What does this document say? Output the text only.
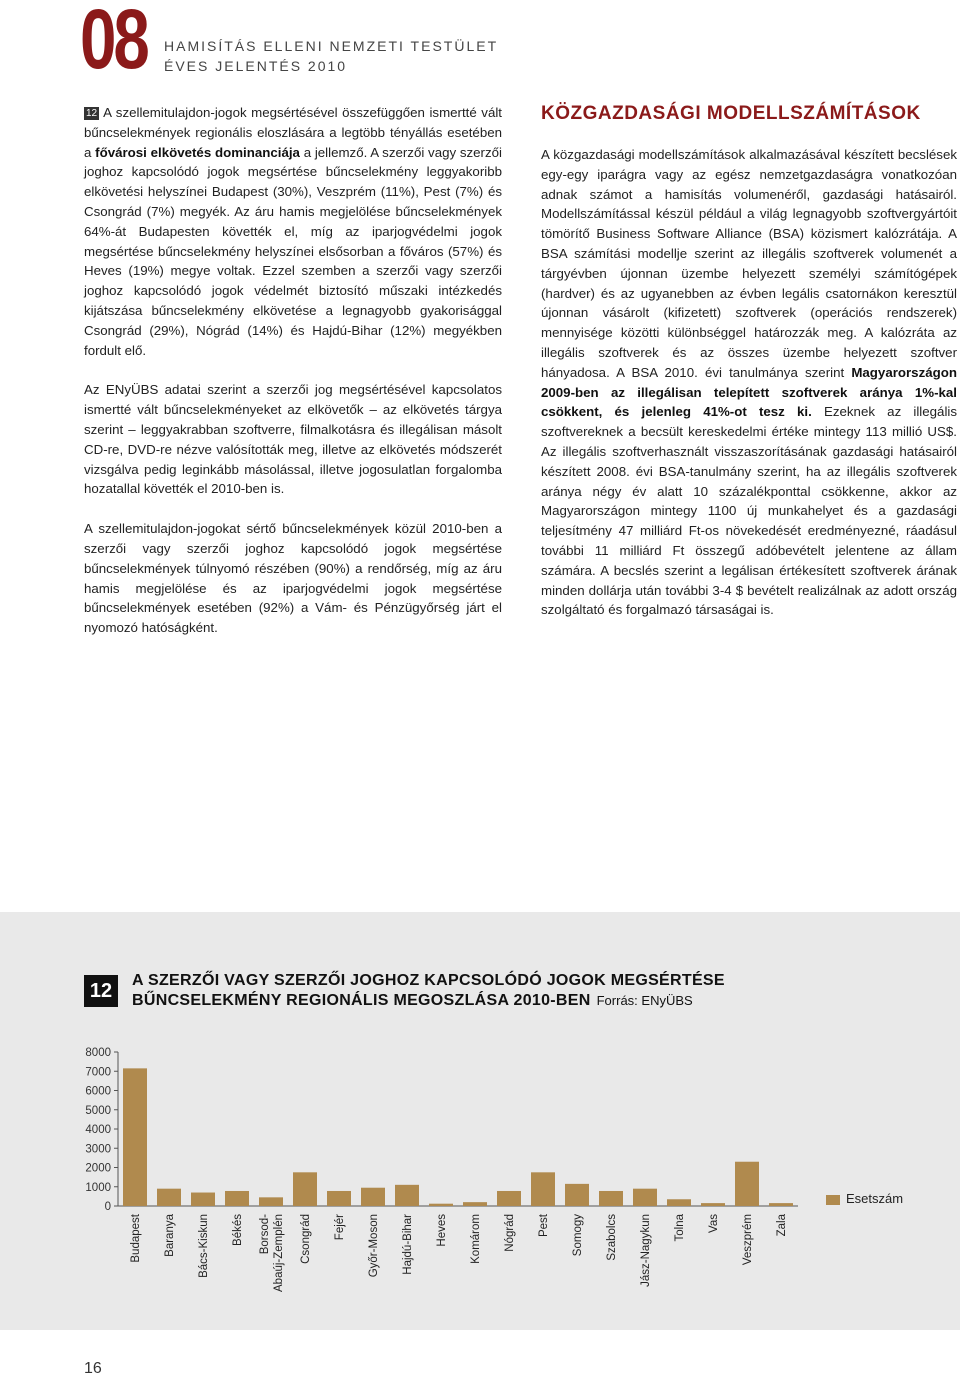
08 HAMISÍTÁS ELLENI NEMZETI TESTÜLET
ÉVES JELENTÉS 2010

12 A szellemitulajdon-jogok megsértésével összefüggően ismertté vált bűncselekmények regionális eloszlására a legtöbb tényállás esetében a fővárosi elkövetés dominanciája a jellemző. A szerzői vagy szerzői joghoz kapcsolódó jogok megsértése bűncselekmény leggyakoribb elkövetési helyszínei Budapest (30%), Veszprém (11%), Pest (7%) és Csongrád (7%) megyék. Az áru hamis megjelölése bűncselekmények 64%-át Budapesten követték el, míg az iparjogvédelmi jogok megsértése bűncselekmény helyszínei elsősorban a főváros (57%) és Heves (19%) megye voltak. Ezzel szemben a szerzői vagy szerzői joghoz kapcsolódó jogok védelmét biztosító műszaki intézkedés kijátszása bűncselekmény elkövetése a legnagyobb gyakorisággal Csongrád (29%), Nógrád (14%) és Hajdú-Bihar (12%) megyékben fordult elő.

Az ENyÜBS adatai szerint a szerzői jog megsértésével kapcsolatos ismertté vált bűncselekményeket az elkövetők – az elkövetés tárgya szerint – leggyakrabban szoftverre, filmalkotásra és illegálisan másolt CD-re, DVD-re nézve valósították meg, illetve az elkövetés módszerét vizsgálva pedig leginkább másolással, illetve jogosulatlan forgalomba hozatallal követték el 2010-ben is.

A szellemitulajdon-jogokat sértő bűncselekmények közül 2010-ben a szerzői vagy szerzői joghoz kapcsolódó jogok megsértése bűncselekmények túlnyomó részében (90%) a rendőrség, míg az áru hamis megjelölése és az iparjogvédelmi jogok megsértése bűncselekmények esetében (92%) a Vám- és Pénzügyőrség járt el nyomozó hatóságként.

KÖZGAZDASÁGI MODELLSZÁMÍTÁSOK

A közgazdasági modellszámítások alkalmazásával készített becslések egy-egy iparágra vagy az egész nemzetgazdaságra vonatkozóan adnak számot a hamisítás volumenéről, gazdasági hatásairól. Modellszámítással készül például a világ legnagyobb szoftvergyártóit tömörítő Business Software Alliance (BSA) közismert kalózrátája. A BSA számítási modellje szerint az illegális szoftverek volumenét a tárgyévben újonnan üzembe helyezett személyi számítógépek (hardver) és az ugyanebben az évben legális csatornákon keresztül újonnan vásárolt (kifizetett) szoftverek (operációs rendszerek) mennyisége közötti különbséggel határozzák meg. A kalózráta az illegális szoftverek és az összes üzembe helyezett szoftver hányadosa. A BSA 2010. évi tanulmánya szerint Magyarországon 2009-ben az illegálisan telepített szoftverek aránya 1%-kal csökkent, és jelenleg 41%-ot tesz ki. Ezeknek az illegális szoftvereknek a becsült kereskedelmi értéke mintegy 113 millió US$. Az illegális szoftverhasznált visszaszorításának gazdasági hatásairól készített 2008. évi BSA-tanulmány szerint, ha az illegális szoftverek aránya négy év alatt 10 százalékponttal csökkenne, akkor az Magyarországon mintegy 1100 új munkahelyet és a gazdasági teljesítmény 47 milliárd Ft-os növekedését eredményezné, ráadásul további 11 milliárd Ft összegű adóbevételt jelentene az állam számára. A becslés szerint a legálisan értékesített szoftverek árának minden dollárja után további 3-4 $ bevételt realizálnak az adott ország szolgáltató és forgalmazó társaságai is.

12	A SZERZŐI VAGY SZERZŐI JOGHOZ KAPCSOLÓDÓ JOGOK MEGSÉRTÉSE
BŰNCSELEKMÉNY REGIONÁLIS MEGOSZLÁSA 2010-BEN Forrás: ENyÜBS
0
1000
2000
3000
4000
5000
6000
7000
8000
Budapest Baranya Bács-Kiskun Békés Borsod- Abaúj-Zemplén Csongrád Fejér Győr-Moson Hajdú-Bihar Heves Komárom Nógrád Pest Somogy Szabolcs Jász-Nagykun Tolna Vas Veszprém Zala
Esetszám
16
